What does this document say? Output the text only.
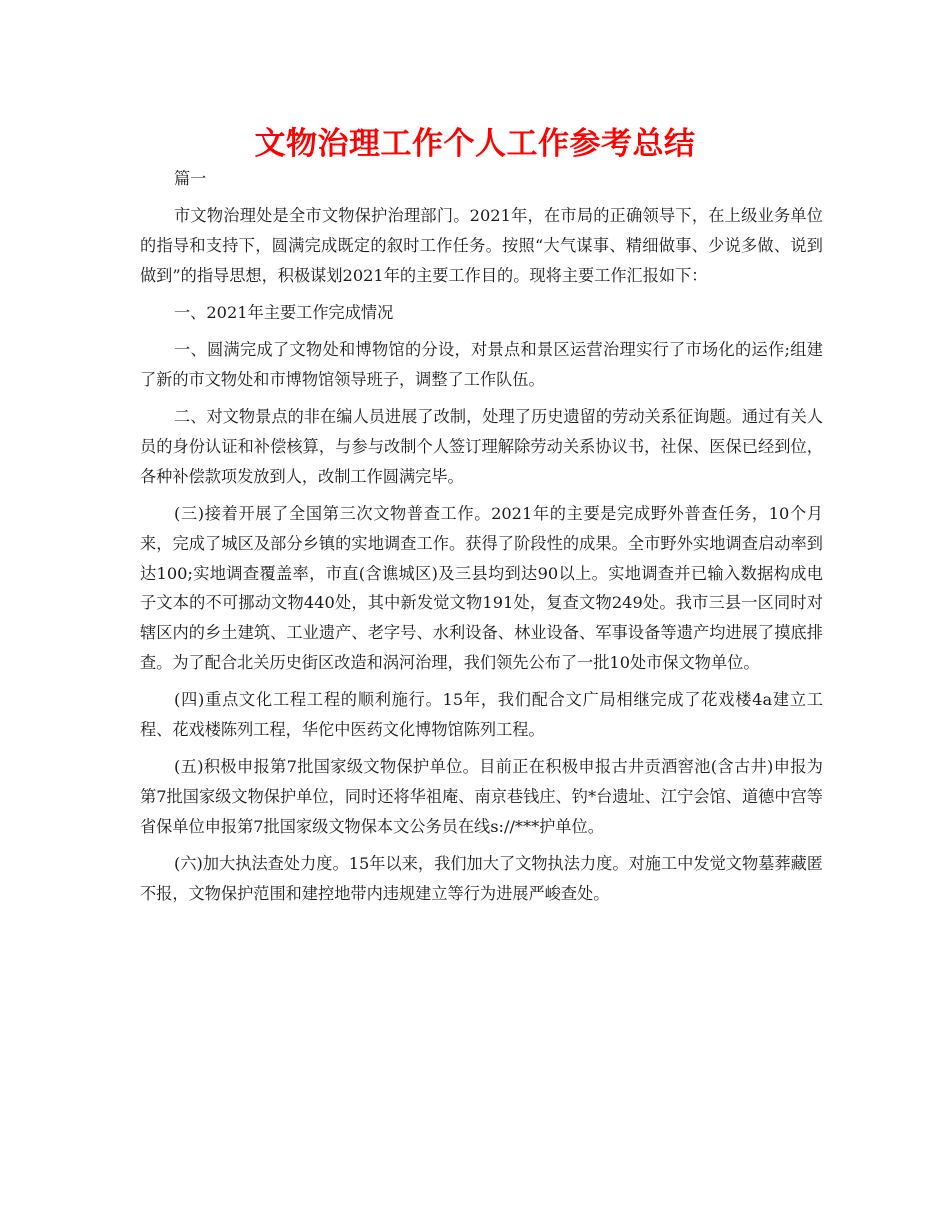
文物治理工作个人工作参考总结

篇一

市文物治理处是全市文物保护治理部门。2021年，在市局的正确领导下，在上级业务单位的指导和支持下，圆满完成既定的叙时工作任务。按照“大气谋事、精细做事、少说多做、说到做到”的指导思想，积极谋划2021年的主要工作目的。现将主要工作汇报如下：

一、2021年主要工作完成情况

一、圆满完成了文物处和博物馆的分设，对景点和景区运营治理实行了市场化的运作;组建了新的市文物处和市博物馆领导班子，调整了工作队伍。

二、对文物景点的非在编人员进展了改制，处理了历史遗留的劳动关系征询题。通过有关人员的身份认证和补偿核算，与参与改制个人签订理解除劳动关系协议书，社保、医保已经到位，各种补偿款项发放到人，改制工作圆满完毕。

(三)接着开展了全国第三次文物普查工作。2021年的主要是完成野外普查任务，10个月来，完成了城区及部分乡镇的实地调查工作。获得了阶段性的成果。全市野外实地调查启动率到达100;实地调查覆盖率，市直(含谯城区)及三县均到达90以上。实地调查并已输入数据构成电子文本的不可挪动文物440处，其中新发觉文物191处，复查文物249处。我市三县一区同时对辖区内的乡土建筑、工业遗产、老字号、水利设备、林业设备、军事设备等遗产均进展了摸底排查。为了配合北关历史街区改造和涡河治理，我们领先公布了一批10处市保文物单位。

(四)重点文化工程工程的顺利施行。15年，我们配合文广局相继完成了花戏楼4a建立工程、花戏楼陈列工程，华佗中医药文化博物馆陈列工程。

(五)积极申报第7批国家级文物保护单位。目前正在积极申报古井贡酒窖池(含古井)申报为第7批国家级文物保护单位，同时还将华祖庵、南京巷钱庄、钓*台遗址、江宁会馆、道德中宫等省保单位申报第7批国家级文物保本文公务员在线s://***护单位。

(六)加大执法查处力度。15年以来，我们加大了文物执法力度。对施工中发觉文物墓葬藏匿不报，文物保护范围和建控地带内违规建立等行为进展严峻查处。
